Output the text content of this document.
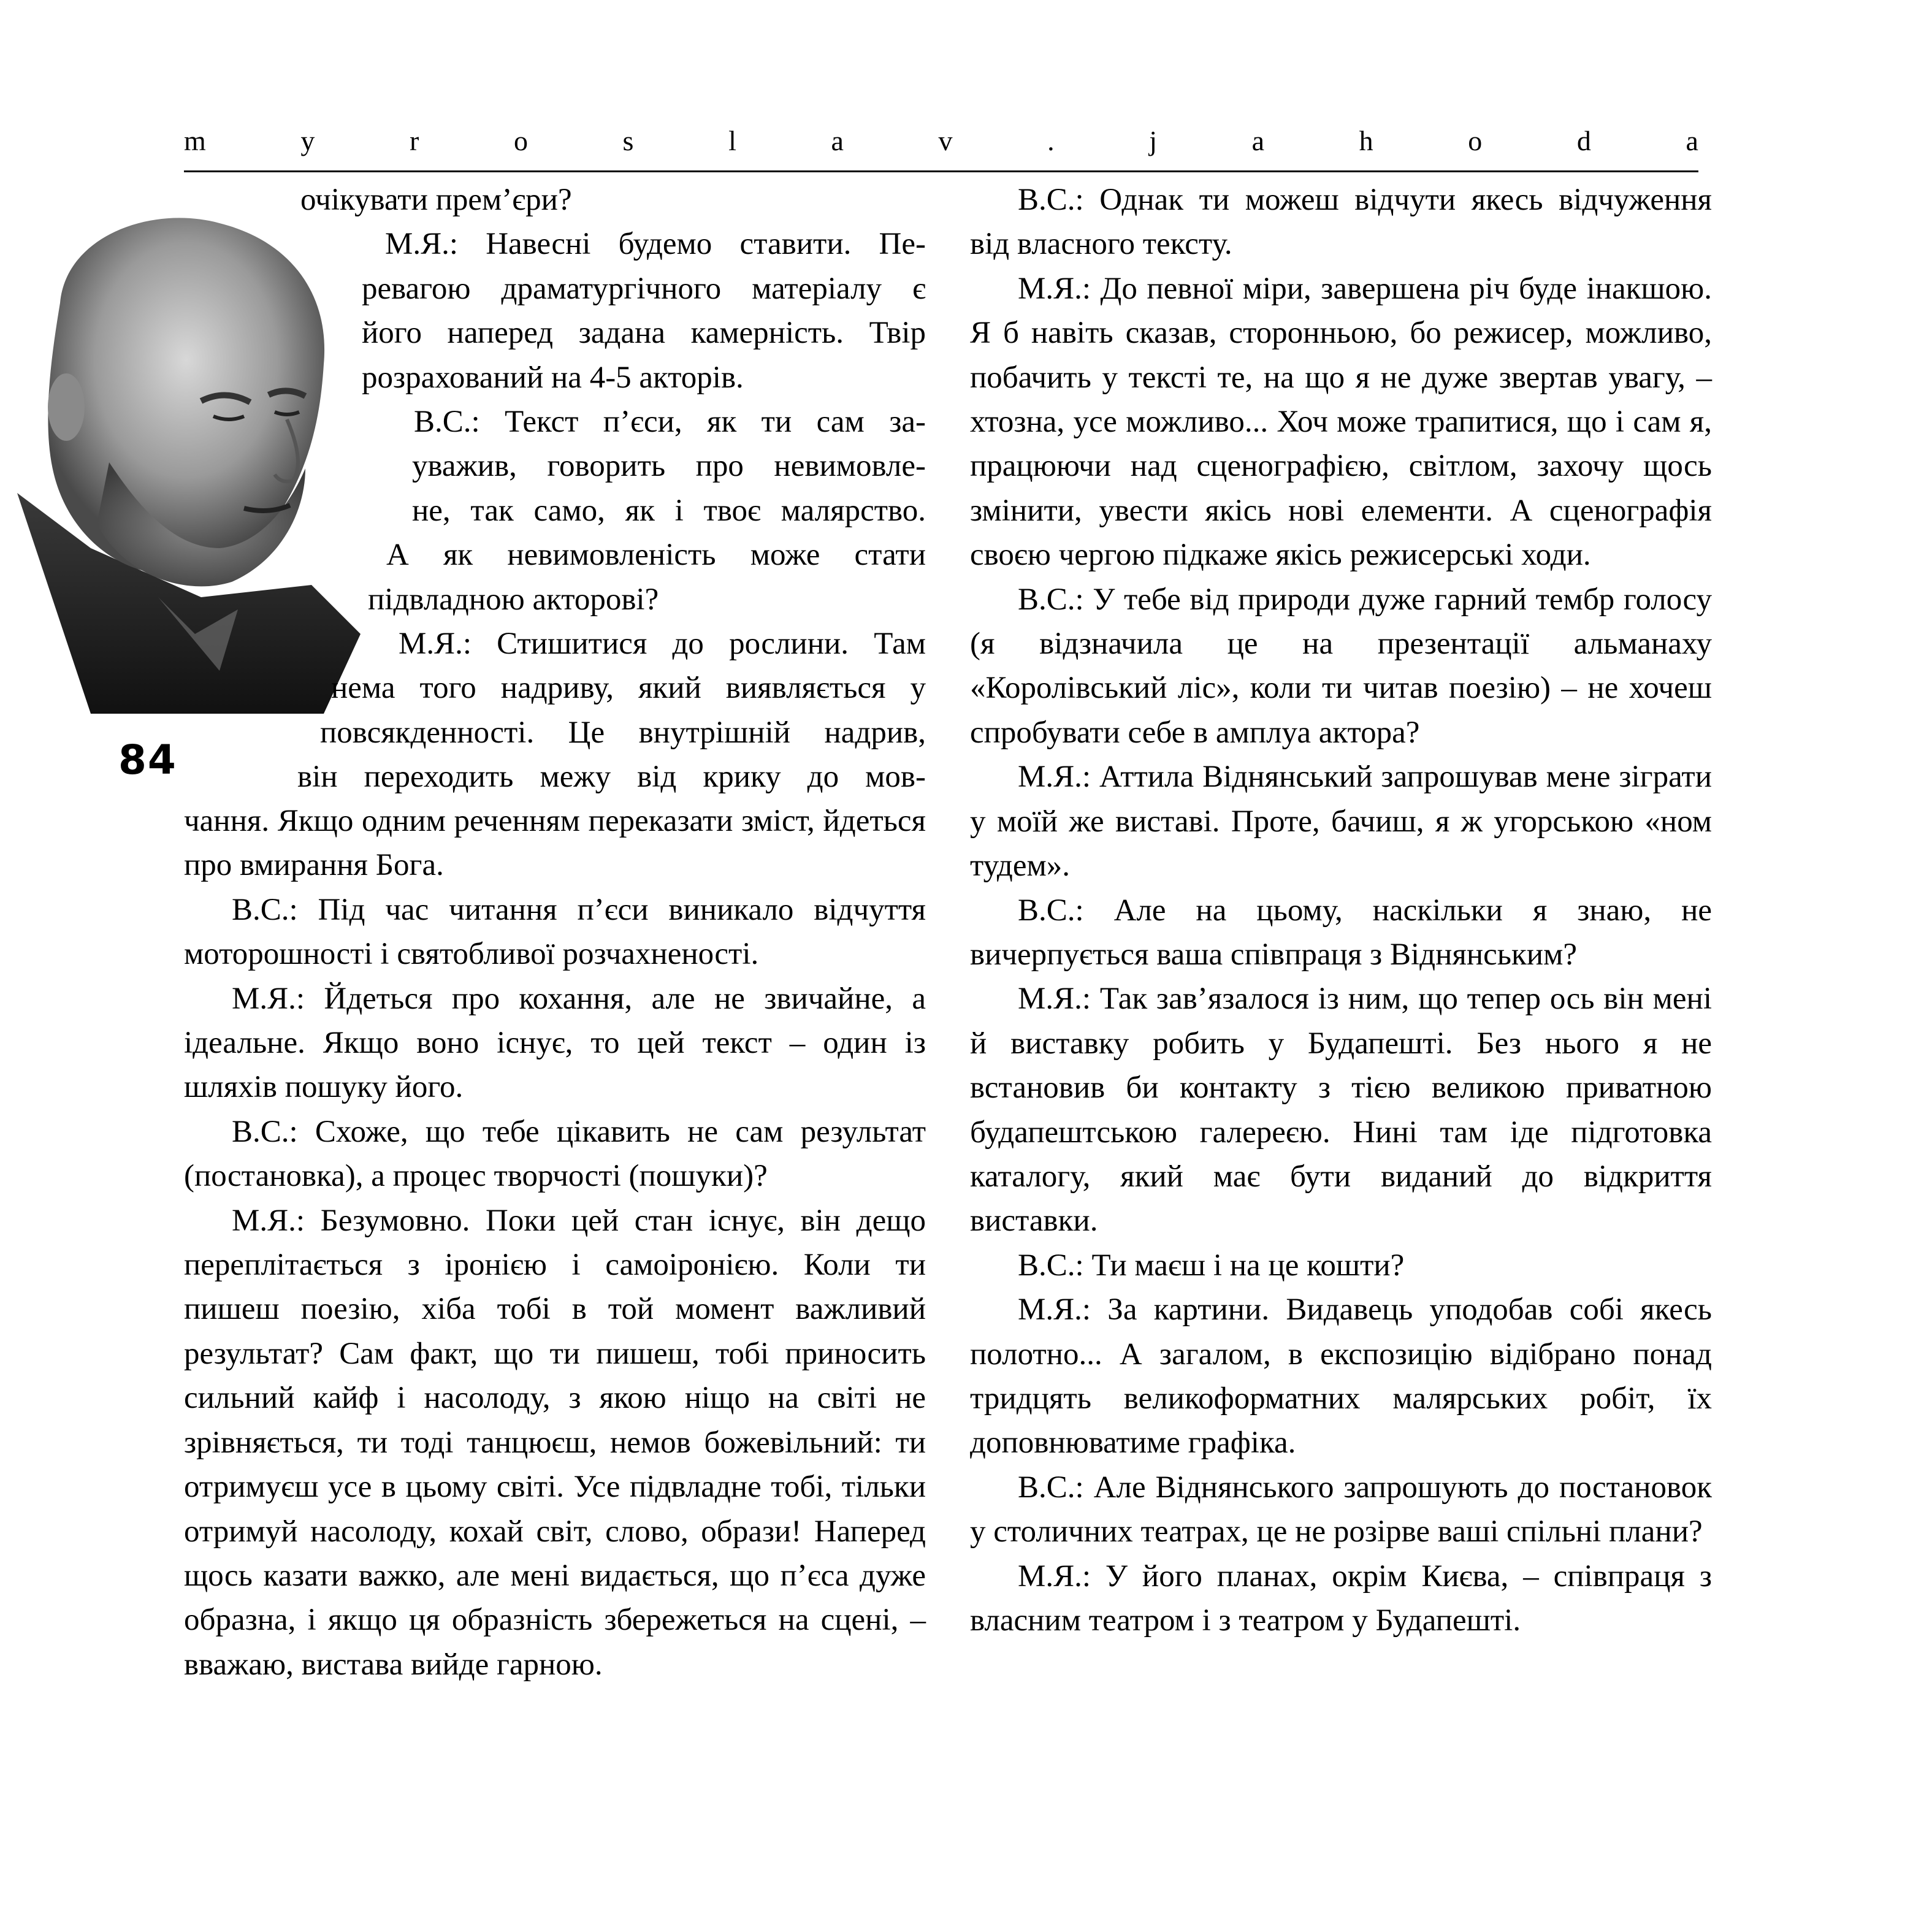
m	y	r	o	s	l	a	v	.	j	a	h	o	d	a
84
очікувати прем’єри?
М.Я.: Навесні будемо ставити. Пе-
ревагою драматургічного матеріалу є
його наперед задана камерність. Твір
розрахований на 4-5 акторів.
В.С.: Текст п’єси, як ти сам за-
уважив, говорить про невимовле-
не, так само, як і твоє малярство.
А як невимовленість може стати
підвладною акторові?
М.Я.: Стишитися до рослини. Там
нема того надриву, який виявляється у
повсякденності. Це внутрішній надрив,
він переходить межу від крику до мов-

чання. Якщо одним реченням переказати зміст, йдеться про вмирання Бога.

В.С.: Під час читання п’єси виникало відчуття моторошності і святобливої розчахненості.

М.Я.: Йдеться про кохання, але не звичайне, а ідеальне. Якщо воно існує, то цей текст – один із шляхів пошуку його.

В.С.: Схоже, що тебе цікавить не сам результат (постановка), а процес творчості (пошуки)?

М.Я.: Безумовно. Поки цей стан існує, він дещо переплітається з іронією і самоіронією. Коли ти пишеш поезію, хіба тобі в той момент важливий результат? Сам факт, що ти пишеш, тобі приносить сильний кайф і насолоду, з якою ніщо на світі не зрівняється, ти тоді танцюєш, немов божевільний: ти отримуєш усе в цьому світі. Усе підвладне тобі, тільки отримуй насолоду, кохай світ, слово, образи! Наперед щось казати важко, але мені видається, що п’єса дуже образна, і якщо ця образність збережеться на сцені, – вважаю, вистава вийде гарною.

В.С.: Однак ти можеш відчути якесь відчуження від власного тексту.

М.Я.: До певної міри, завершена річ буде інакшою. Я б навіть сказав, сторонньою, бо режисер, можливо, побачить у тексті те, на що я не дуже звертав увагу, – хтозна, усе можливо... Хоч може трапитися, що і сам я, працюючи над сценографією, світлом, захочу щось змінити, увести якісь нові елементи. А сценографія своєю чергою підкаже якісь режисерські ходи.

В.С.: У тебе від природи дуже гарний тембр голосу (я відзначила це на презентації альманаху «Королівський ліс», коли ти читав поезію) – не хочеш спробувати себе в амплуа актора?

М.Я.: Аттила Віднянський запрошував мене зіграти у моїй же виставі. Проте, бачиш, я ж угорською «ном тудем».

В.С.: Але на цьому, наскільки я знаю, не вичерпується ваша співпраця з Віднянським?

М.Я.: Так зав’язалося із ним, що тепер ось він мені й виставку робить у Будапешті. Без нього я не встановив би контакту з тією великою приватною будапештською галереєю. Нині там іде підготовка каталогу, який має бути виданий до відкриття виставки.

В.С.: Ти маєш і на це кошти?

М.Я.: За картини. Видавець уподобав собі якесь полотно... А загалом, в експозицію відібрано понад тридцять великоформатних малярських робіт, їх доповнюватиме графіка.

В.С.: Але Віднянського запрошують до постановок у столичних театрах, це не розірве ваші спільні плани?

М.Я.: У його планах, окрім Києва, – співпраця з власним театром і з театром у Будапешті.
